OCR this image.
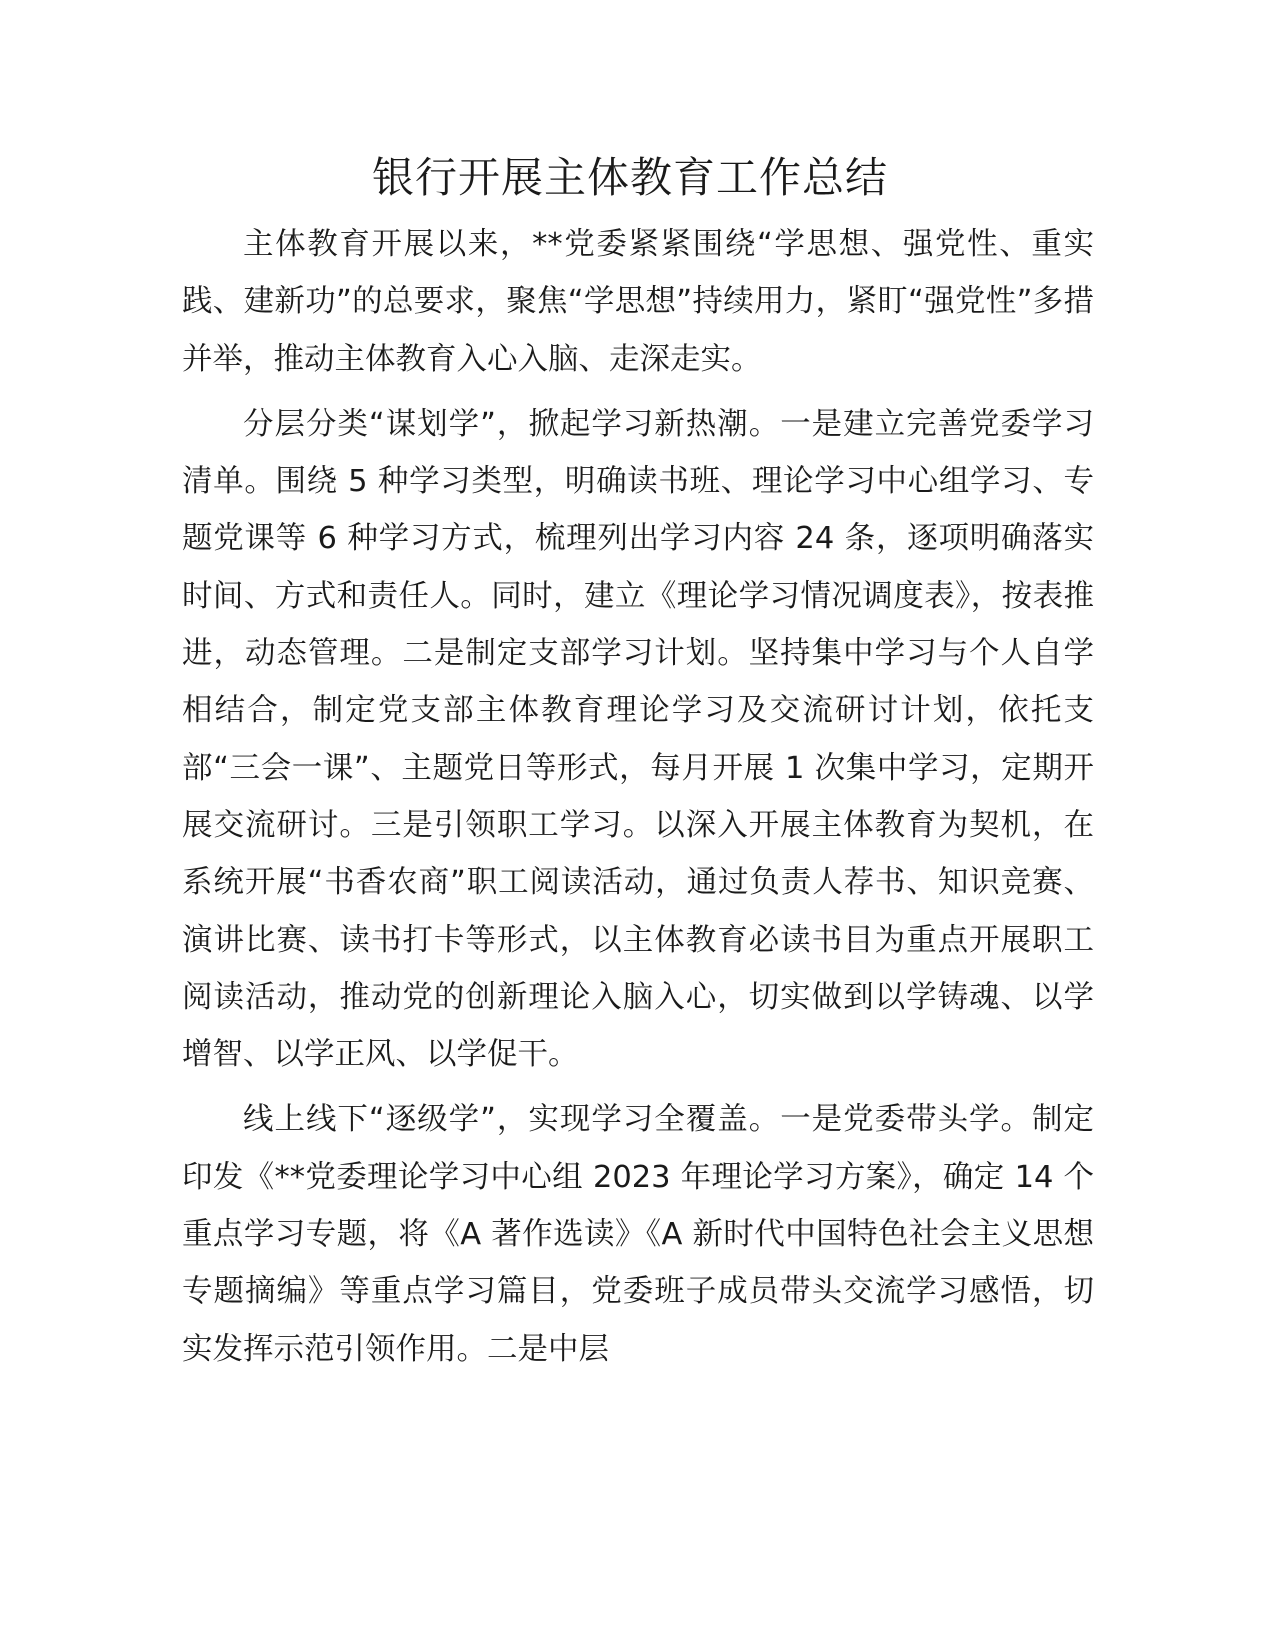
银行开展主体教育工作总结

主体教育开展以来，**党委紧紧围绕“学思想、强党性、重实践、建新功”的总要求，聚焦“学思想”持续用力，紧盯“强党性”多措并举，推动主体教育入心入脑、走深走实。

分层分类“谋划学”，掀起学习新热潮。一是建立完善党委学习清单。围绕 5 种学习类型，明确读书班、理论学习中心组学习、专题党课等 6 种学习方式，梳理列出学习内容 24 条，逐项明确落实时间、方式和责任人。同时，建立《理论学习情况调度表》，按表推进，动态管理。二是制定支部学习计划。坚持集中学习与个人自学相结合，制定党支部主体教育理论学习及交流研讨计划，依托支部“三会一课”、主题党日等形式，每月开展 1 次集中学习，定期开展交流研讨。三是引领职工学习。以深入开展主体教育为契机，在系统开展“书香农商”职工阅读活动，通过负责人荐书、知识竞赛、演讲比赛、读书打卡等形式，以主体教育必读书目为重点开展职工阅读活动，推动党的创新理论入脑入心，切实做到以学铸魂、以学增智、以学正风、以学促干。

线上线下“逐级学”，实现学习全覆盖。一是党委带头学。制定印发《**党委理论学习中心组 2023 年理论学习方案》，确定 14 个重点学习专题，将《A 著作选读》《A 新时代中国特色社会主义思想专题摘编》等重点学习篇目，党委班子成员带头交流学习感悟，切实发挥示范引领作用。二是中层
